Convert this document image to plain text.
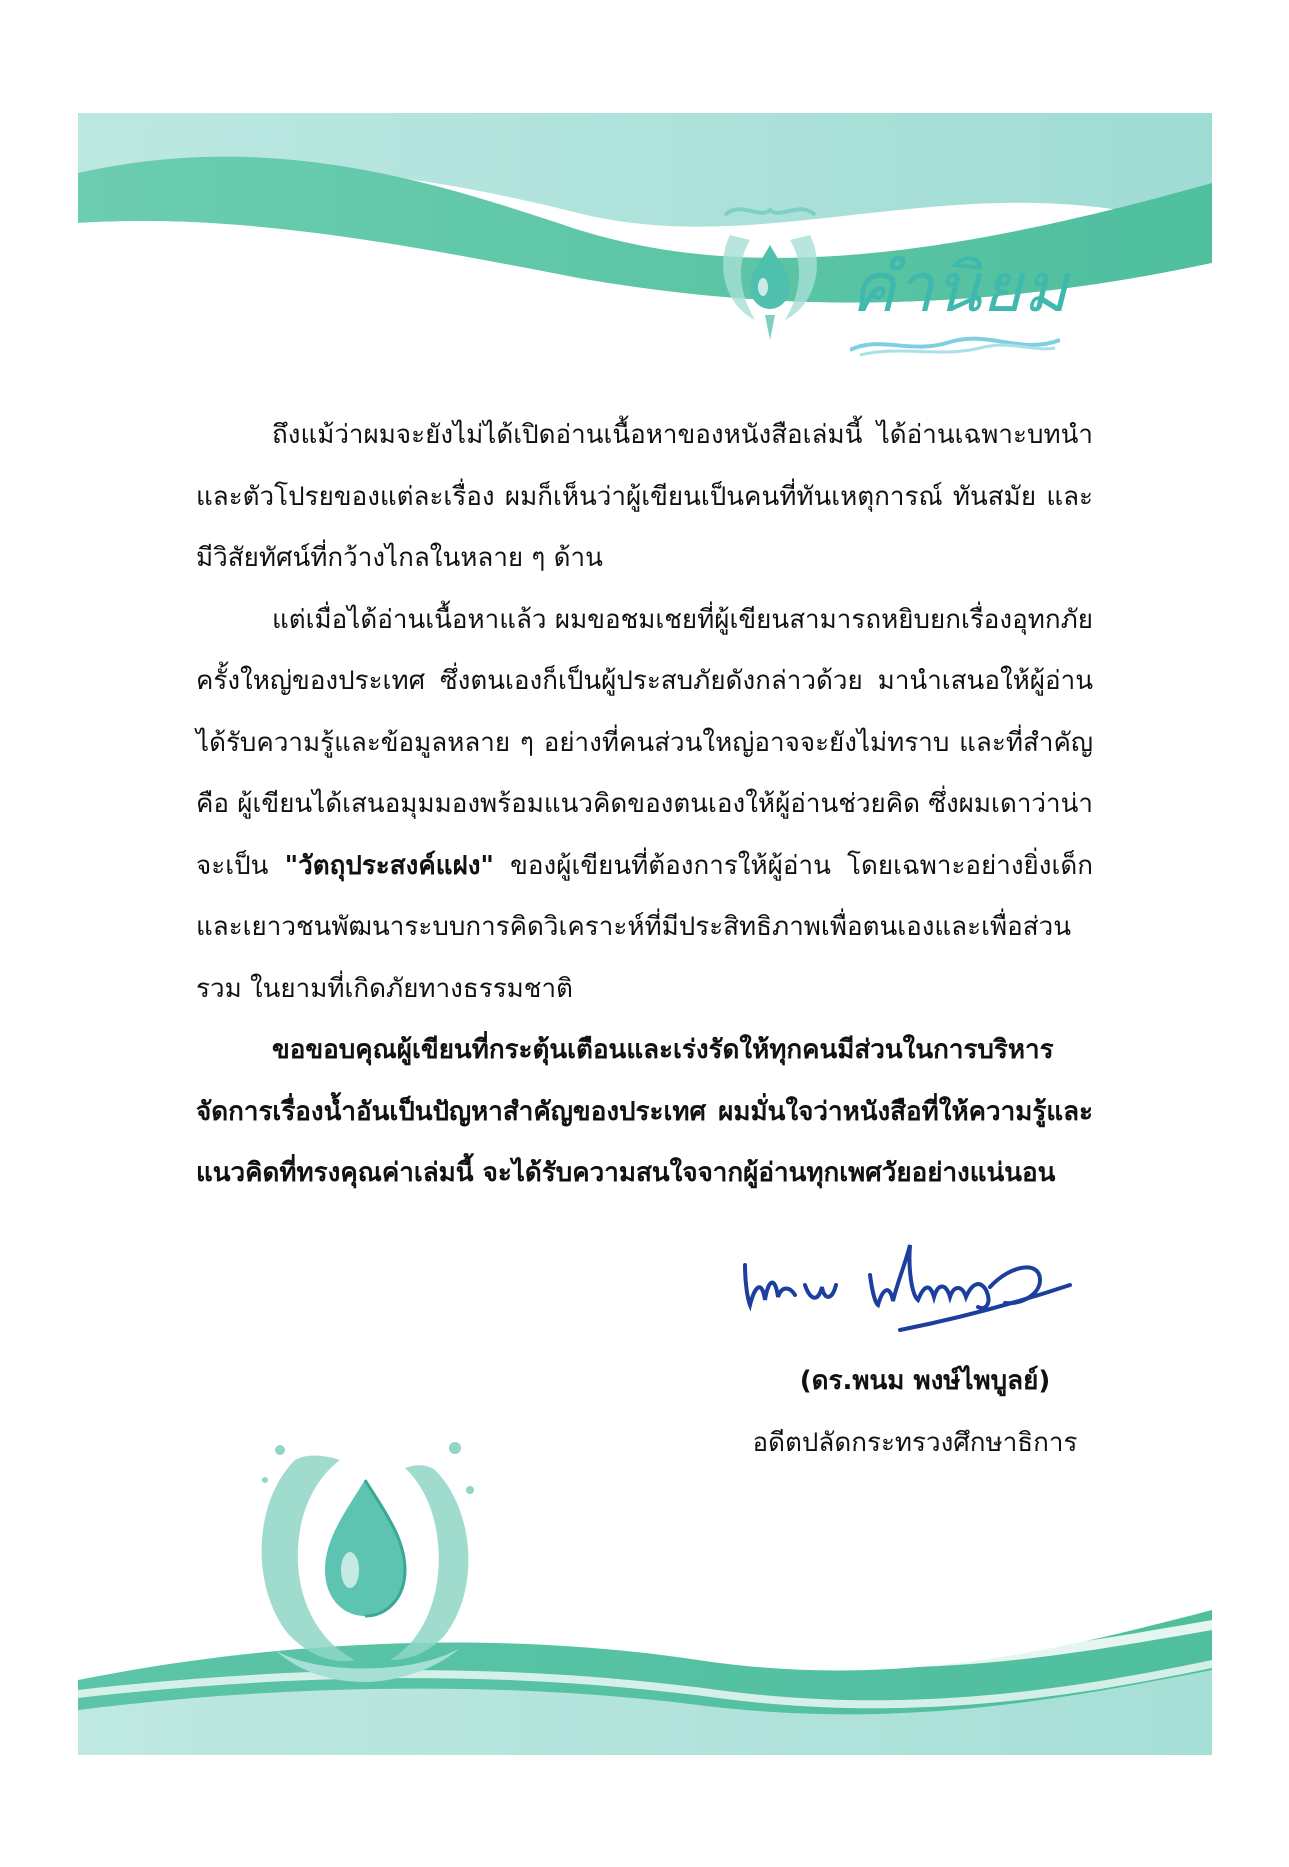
คำนิยม

ถึงแม้ว่าผมจะยังไม่ได้เปิดอ่านเนื้อหาของหนังสือเล่มนี้ ได้อ่านเฉพาะบทนำและตัวโปรยของแต่ละเรื่อง ผมก็เห็นว่าผู้เขียนเป็นคนที่ทันเหตุการณ์ ทันสมัย และมีวิสัยทัศน์ที่กว้างไกลในหลาย ๆ ด้าน

แต่เมื่อได้อ่านเนื้อหาแล้ว ผมขอชมเชยที่ผู้เขียนสามารถหยิบยกเรื่องอุทกภัยครั้งใหญ่ของประเทศ ซึ่งตนเองก็เป็นผู้ประสบภัยดังกล่าวด้วย มานำเสนอให้ผู้อ่านได้รับความรู้และข้อมูลหลาย ๆ อย่างที่คนส่วนใหญ่อาจจะยังไม่ทราบ และที่สำคัญคือ ผู้เขียนได้เสนอมุมมองพร้อมแนวคิดของตนเองให้ผู้อ่านช่วยคิด ซึ่งผมเดาว่าน่าจะเป็น "วัตถุประสงค์แฝง" ของผู้เขียนที่ต้องการให้ผู้อ่าน โดยเฉพาะอย่างยิ่งเด็กและเยาวชนพัฒนาระบบการคิดวิเคราะห์ที่มีประสิทธิภาพเพื่อตนเองและเพื่อส่วนรวม ในยามที่เกิดภัยทางธรรมชาติ

ขอขอบคุณผู้เขียนที่กระตุ้นเตือนและเร่งรัดให้ทุกคนมีส่วนในการบริหารจัดการเรื่องน้ำอันเป็นปัญหาสำคัญของประเทศ ผมมั่นใจว่าหนังสือที่ให้ความรู้และแนวคิดที่ทรงคุณค่าเล่มนี้ จะได้รับความสนใจจากผู้อ่านทุกเพศวัยอย่างแน่นอน

(ดร.พนม พงษ์ไพบูลย์)
อดีตปลัดกระทรวงศึกษาธิการ
